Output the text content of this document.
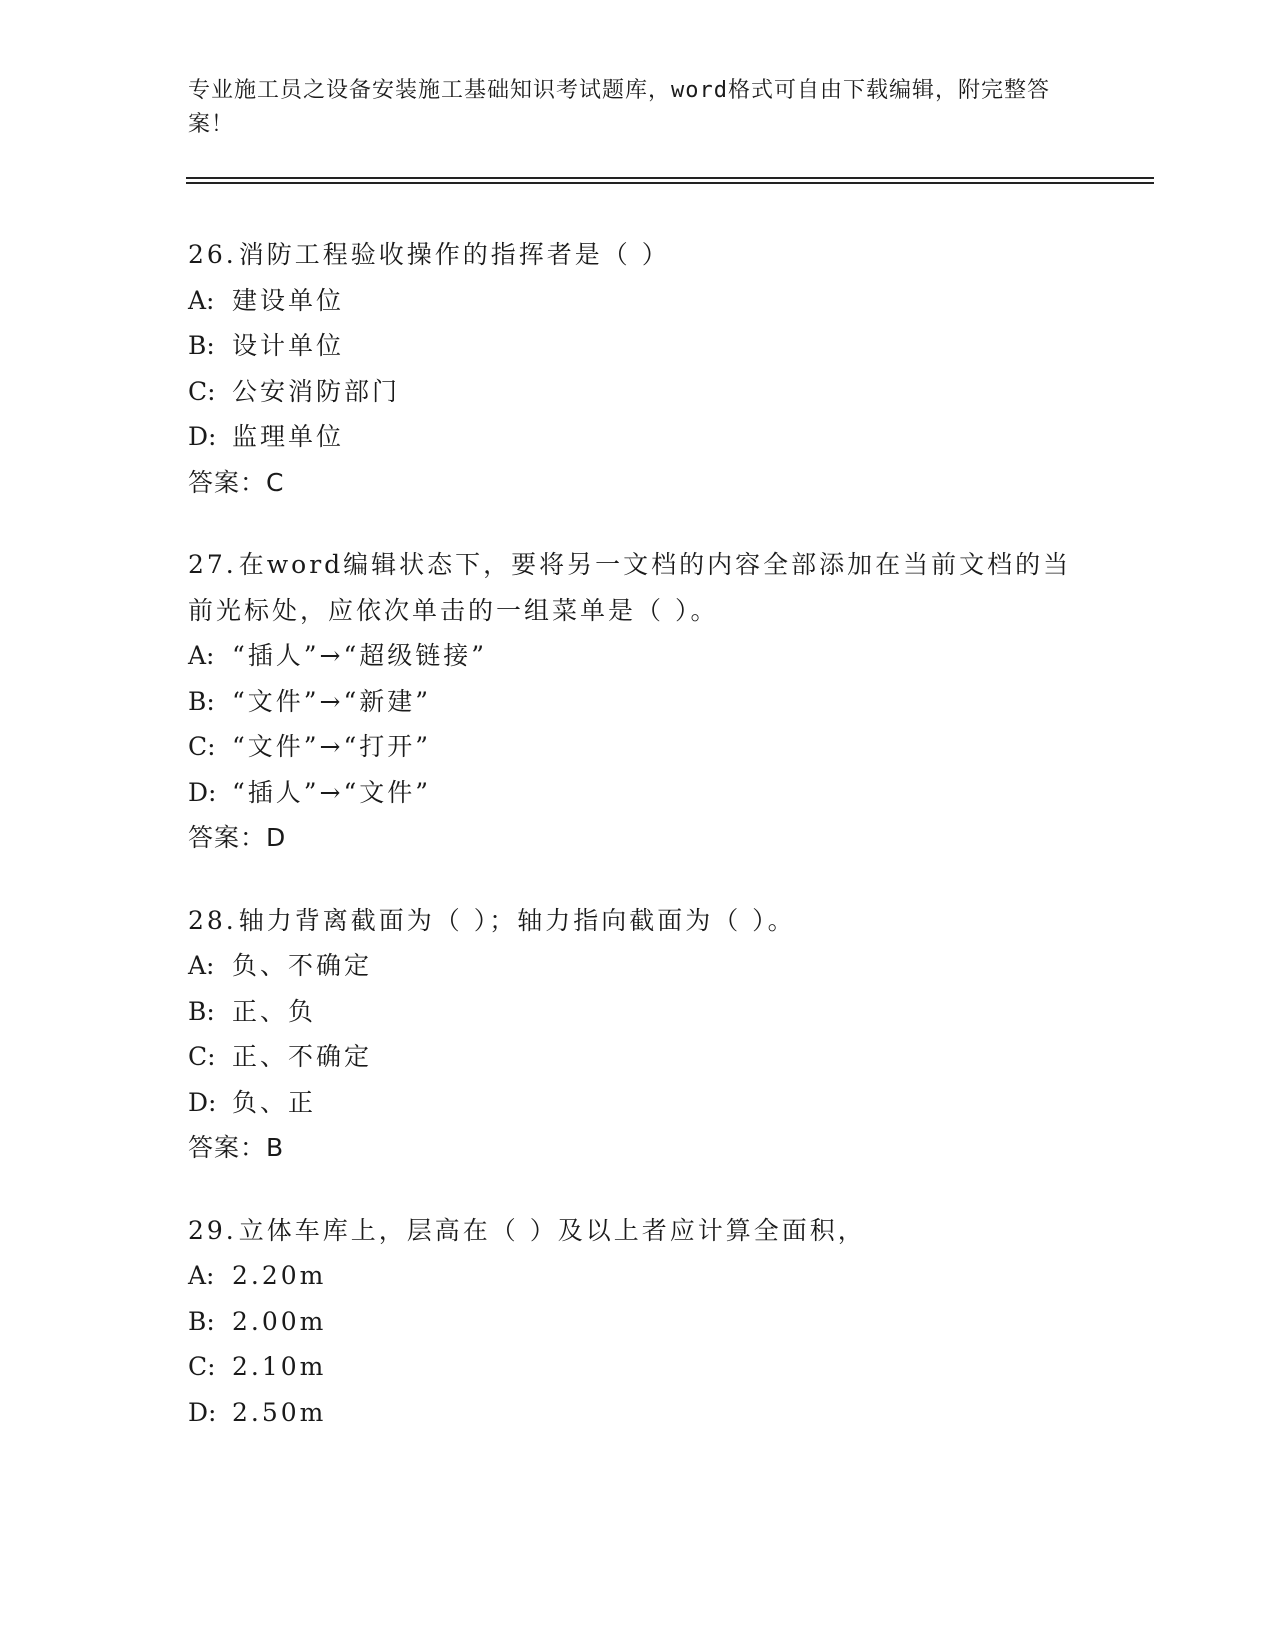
专业施工员之设备安装施工基础知识考试题库，word格式可自由下载编辑，附完整答案！
26.消防工程验收操作的指挥者是（ ）
A: 建设单位
B: 设计单位
C: 公安消防部门
D: 监理单位
答案：C
27.在word编辑状态下，要将另一文档的内容全部添加在当前文档的当前光标处，应依次单击的一组菜单是（ ）。
A: “插人”→“超级链接”
B: “文件”→“新建”
C: “文件”→“打开”
D: “插人”→“文件”
答案：D
28.轴力背离截面为（ ）；轴力指向截面为（ ）。
A: 负、不确定
B: 正、负
C: 正、不确定
D: 负、正
答案：B
29.立体车库上，层高在（ ）及以上者应计算全面积，
A: 2.20m
B: 2.00m
C: 2.10m
D: 2.50m
